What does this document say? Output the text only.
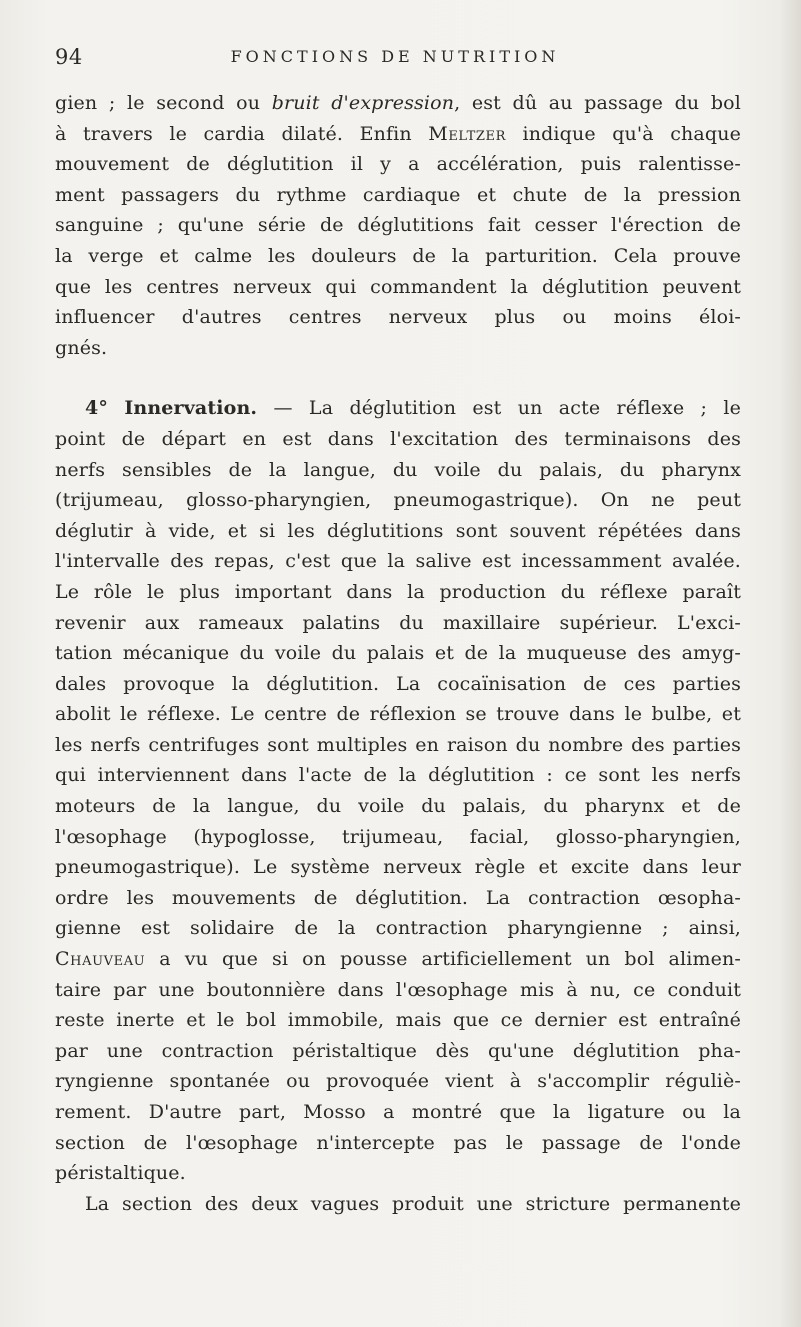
94	FONCTIONS DE NUTRITION
gien ; le second ou bruit d'expression, est dû au passage du bol
à travers le cardia dilaté. Enfin Meltzer indique qu'à chaque
mouvement de déglutition il y a accélération, puis ralentisse-
ment passagers du rythme cardiaque et chute de la pression
sanguine ; qu'une série de déglutitions fait cesser l'érection de
la verge et calme les douleurs de la parturition. Cela prouve
que les centres nerveux qui commandent la déglutition peuvent
influencer d'autres centres nerveux plus ou moins éloi-
gnés.
4° Innervation. — La déglutition est un acte réflexe ; le
point de départ en est dans l'excitation des terminaisons des
nerfs sensibles de la langue, du voile du palais, du pharynx
(trijumeau, glosso-pharyngien, pneumogastrique). On ne peut
déglutir à vide, et si les déglutitions sont souvent répétées dans
l'intervalle des repas, c'est que la salive est incessamment avalée.
Le rôle le plus important dans la production du réflexe paraît
revenir aux rameaux palatins du maxillaire supérieur. L'exci-
tation mécanique du voile du palais et de la muqueuse des amyg-
dales provoque la déglutition. La cocaïnisation de ces parties
abolit le réflexe. Le centre de réflexion se trouve dans le bulbe, et
les nerfs centrifuges sont multiples en raison du nombre des parties
qui interviennent dans l'acte de la déglutition : ce sont les nerfs
moteurs de la langue, du voile du palais, du pharynx et de
l'œsophage (hypoglosse, trijumeau, facial, glosso-pharyngien,
pneumogastrique). Le système nerveux règle et excite dans leur
ordre les mouvements de déglutition. La contraction œsopha-
gienne est solidaire de la contraction pharyngienne ; ainsi,
Chauveau a vu que si on pousse artificiellement un bol alimen-
taire par une boutonnière dans l'œsophage mis à nu, ce conduit
reste inerte et le bol immobile, mais que ce dernier est entraîné
par une contraction péristaltique dès qu'une déglutition pha-
ryngienne spontanée ou provoquée vient à s'accomplir réguliè-
rement. D'autre part, Mosso a montré que la ligature ou la
section de l'œsophage n'intercepte pas le passage de l'onde
péristaltique.
La section des deux vagues produit une stricture permanente
